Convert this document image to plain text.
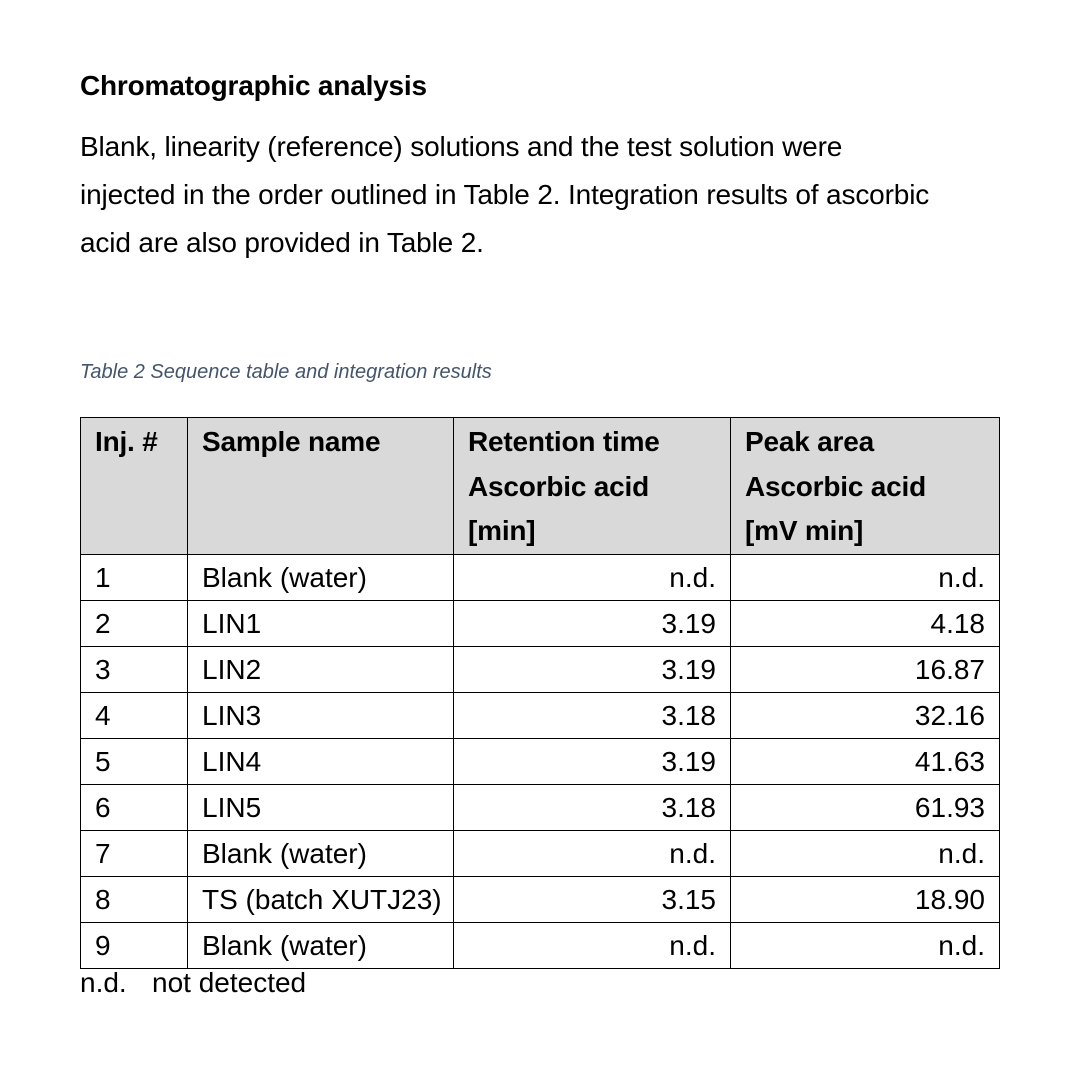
Chromatographic analysis
Blank, linearity (reference) solutions and the test solution were
injected in the order outlined in Table 2. Integration results of ascorbic
acid are also provided in Table 2.
Table 2 Sequence table and integration results
Inj. #	Sample name	Retention time
Ascorbic acid
[min]	Peak area
Ascorbic acid
[mV min]

1	Blank (water)	n.d.	n.d.
2	LIN1	3.19	4.18
3	LIN2	3.19	16.87
4	LIN3	3.18	32.16
5	LIN4	3.19	41.63
6	LIN5	3.18	61.93
7	Blank (water)	n.d.	n.d.
8	TS (batch XUTJ23)	3.15	18.90
9	Blank (water)	n.d.	n.d.
n.d. not detected
